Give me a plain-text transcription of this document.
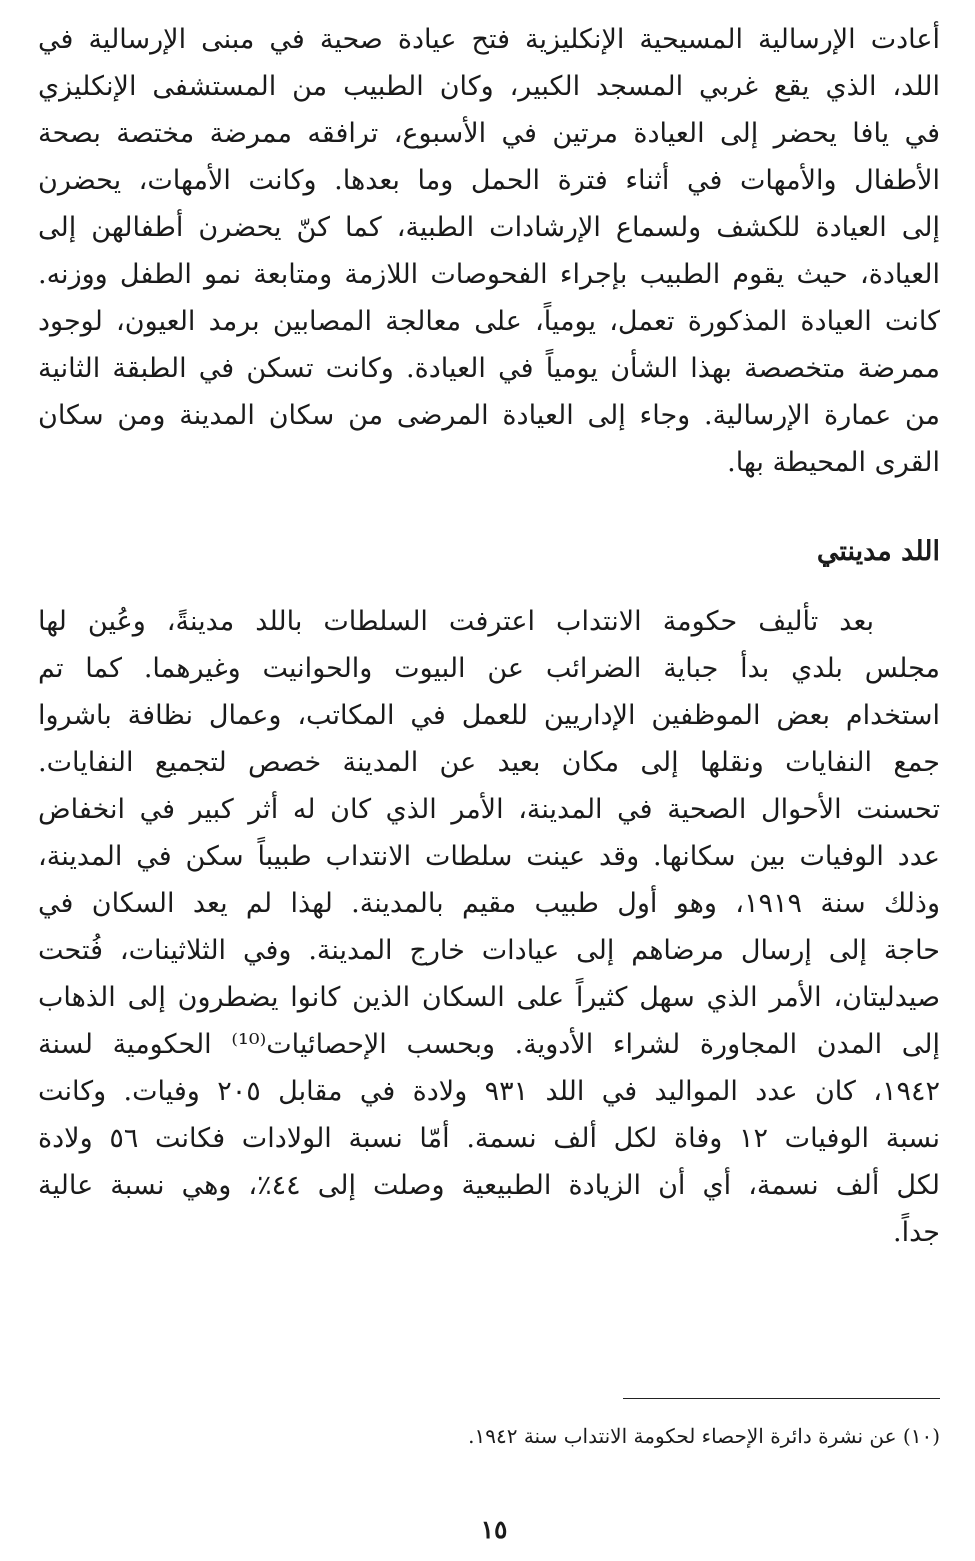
أعادت الإرسالية المسيحية الإنكليزية فتح عيادة صحية في مبنى الإرسالية في
اللد، الذي يقع غربي المسجد الكبير، وكان الطبيب من المستشفى الإنكليزي
في يافا يحضر إلى العيادة مرتين في الأسبوع، ترافقه ممرضة مختصة بصحة
الأطفال والأمهات في أثناء فترة الحمل وما بعدها. وكانت الأمهات، يحضرن
إلى العيادة للكشف ولسماع الإرشادات الطبية، كما كنّ يحضرن أطفالهن إلى
العيادة، حيث يقوم الطبيب بإجراء الفحوصات اللازمة ومتابعة نمو الطفل ووزنه.
كانت العيادة المذكورة تعمل، يومياً، على معالجة المصابين برمد العيون، لوجود
ممرضة متخصصة بهذا الشأن يومياً في العيادة. وكانت تسكن في الطبقة الثانية
من عمارة الإرسالية. وجاء إلى العيادة المرضى من سكان المدينة ومن سكان
القرى المحيطة بها.
اللد مدينتي
بعد تأليف حكومة الانتداب اعترفت السلطات باللد مدينةً، وعُين لها
مجلس بلدي بدأ جباية الضرائب عن البيوت والحوانيت وغيرهما. كما تم
استخدام بعض الموظفين الإداريين للعمل في المكاتب، وعمال نظافة باشروا
جمع النفايات ونقلها إلى مكان بعيد عن المدينة خصص لتجميع النفايات.
تحسنت الأحوال الصحية في المدينة، الأمر الذي كان له أثر كبير في انخفاض
عدد الوفيات بين سكانها. وقد عينت سلطات الانتداب طبيباً سكن في المدينة،
وذلك سنة ١٩١٩، وهو أول طبيب مقيم بالمدينة. لهذا لم يعد السكان في
حاجة إلى إرسال مرضاهم إلى عيادات خارج المدينة. وفي الثلاثينات، فُتحت
صيدليتان، الأمر الذي سهل كثيراً على السكان الذين كانوا يضطرون إلى الذهاب
إلى المدن المجاورة لشراء الأدوية. وبحسب الإحصائيات⁽¹⁰⁾ الحكومية لسنة
١٩٤٢، كان عدد المواليد في اللد ٩٣١ ولادة في مقابل ٢٠٥ وفيات. وكانت
نسبة الوفيات ١٢ وفاة لكل ألف نسمة. أمّا نسبة الولادات فكانت ٥٦ ولادة
لكل ألف نسمة، أي أن الزيادة الطبيعية وصلت إلى ٤٤٪، وهي نسبة عالية
جداً.
(١٠) عن نشرة دائرة الإحصاء لحكومة الانتداب سنة ١٩٤٢.
١٥
